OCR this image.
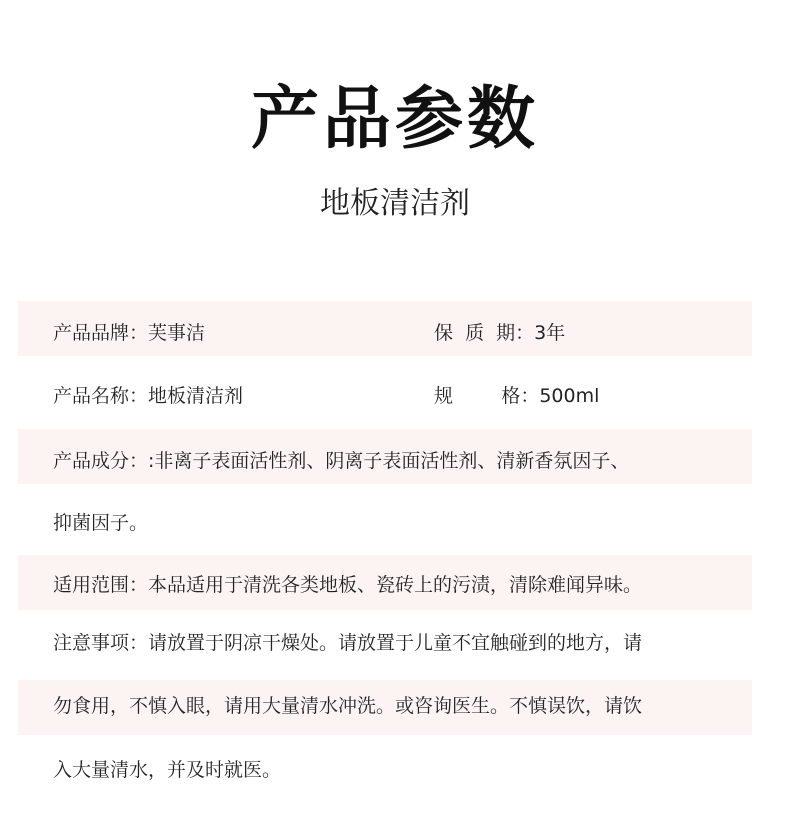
产品参数
地板清洁剂
产品品牌：芙事洁	保  质  期：3年
产品名称：地板清洁剂	规        格：500ml
产品成分：:非离子表面活性剂、阴离子表面活性剂、清新香氛因子、
抑菌因子。
适用范围：本品适用于清洗各类地板、瓷砖上的污渍，清除难闻异味。
注意事项：请放置于阴凉干燥处。请放置于儿童不宜触碰到的地方，请
勿食用，不慎入眼，请用大量清水冲洗。或咨询医生。不慎误饮，请饮
入大量清水，并及时就医。
